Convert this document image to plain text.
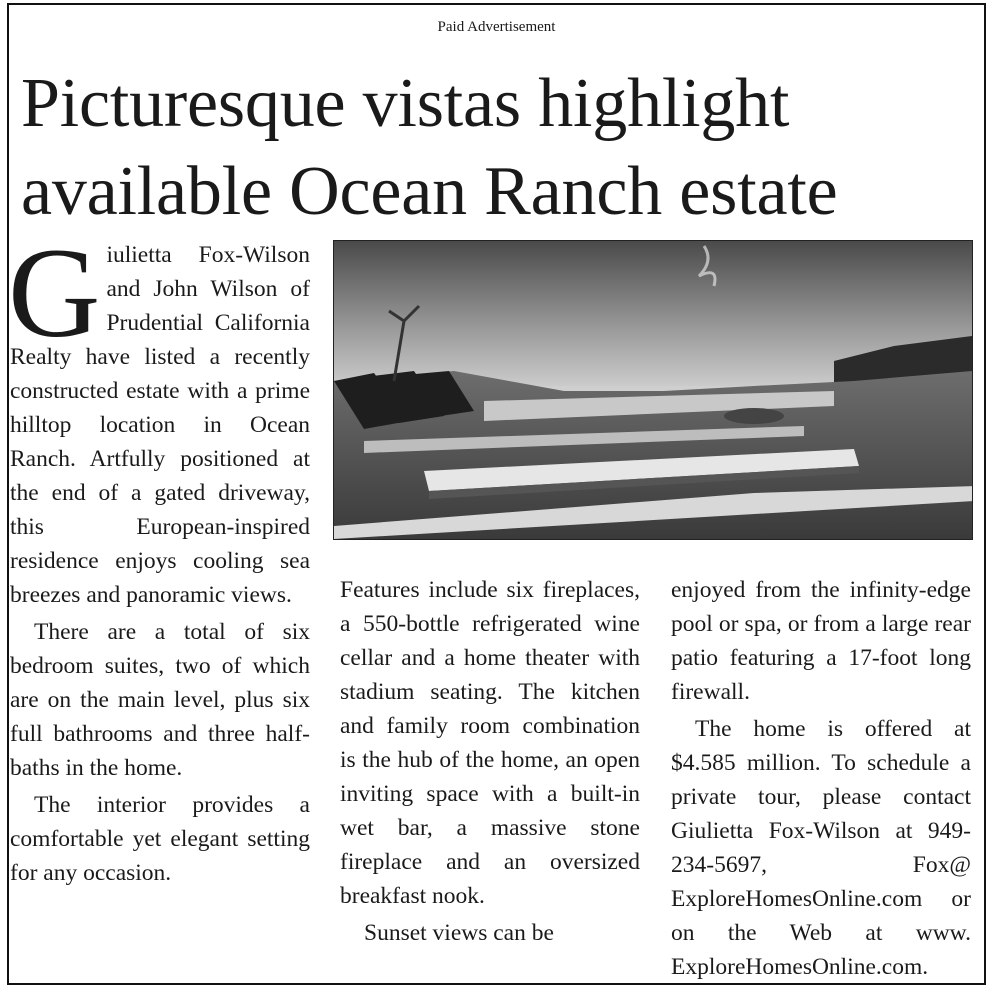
Paid Advertisement
Picturesque vistas highlight available Ocean Ranch estate

Giulietta Fox-Wilson and John Wilson of Prudential California Realty have listed a recently constructed estate with a prime hilltop location in Ocean Ranch. Artfully positioned at the end of a gated driveway, this European-inspired residence enjoys cooling sea breezes and panoramic views.

There are a total of six bedroom suites, two of which are on the main level, plus six full bathrooms and three half-baths in the home.

The interior provides a comfortable yet elegant setting for any occasion.

Features include six fireplaces, a 550-bottle refrigerated wine cellar and a home theater with stadium seating. The kitchen and family room combination is the hub of the home, an open inviting space with a built-in wet bar, a massive stone fireplace and an oversized breakfast nook.

Sunset views can be

enjoyed from the infinity-edge pool or spa, or from a large rear patio featuring a 17-foot long firewall.

The home is offered at $4.585 million. To schedule a private tour, please contact Giulietta Fox-Wilson at 949-234-5697, Fox@ ExploreHomesOnline.com or on the Web at www. ExploreHomesOnline.com.
